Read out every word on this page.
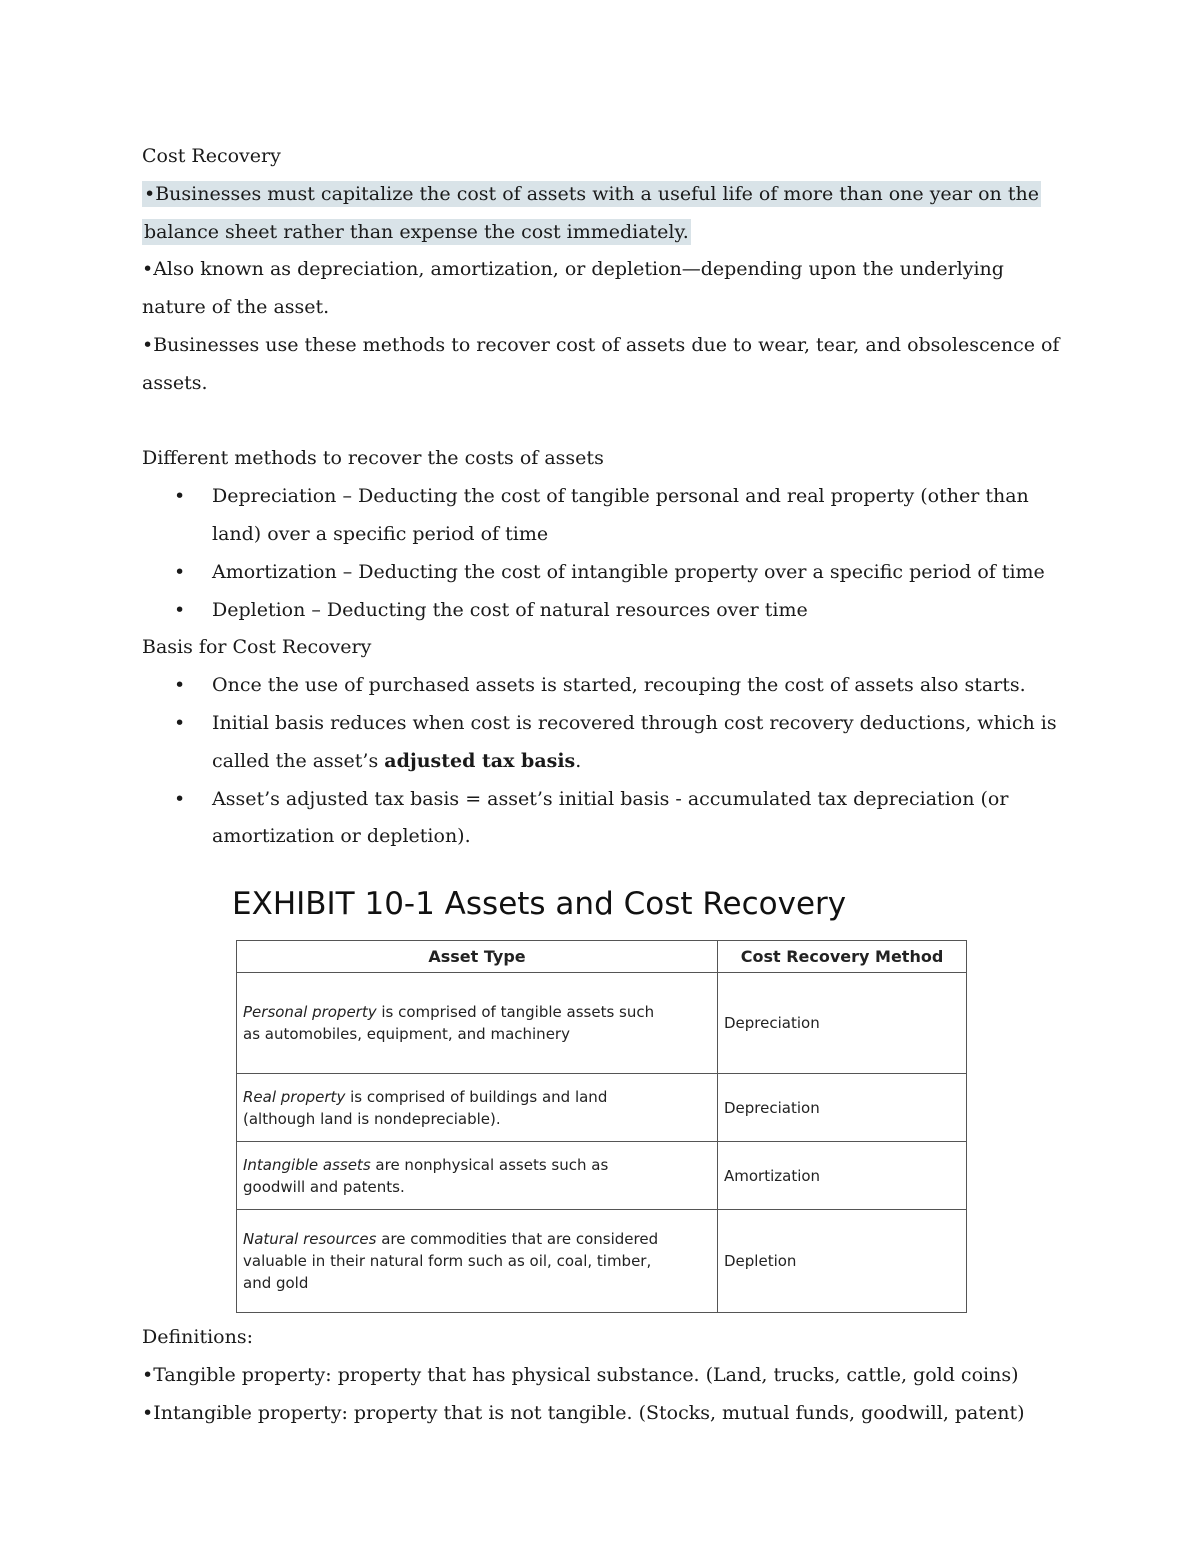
Cost Recovery
•Businesses must capitalize the cost of assets with a useful life of more than one year on the
balance sheet rather than expense the cost immediately.
•Also known as depreciation, amortization, or depletion—depending upon the underlying
nature of the asset.
•Businesses use these methods to recover cost of assets due to wear, tear, and obsolescence of
assets.
Different methods to recover the costs of assets
• Depreciation – Deducting the cost of tangible personal and real property (other than
land) over a specific period of time
• Amortization – Deducting the cost of intangible property over a specific period of time
• Depletion – Deducting the cost of natural resources over time
Basis for Cost Recovery
• Once the use of purchased assets is started, recouping the cost of assets also starts.
• Initial basis reduces when cost is recovered through cost recovery deductions, which is
called the asset’s adjusted tax basis.
• Asset’s adjusted tax basis = asset’s initial basis - accumulated tax depreciation (or
amortization or depletion).
EXHIBIT 10-1 Assets and Cost Recovery
Asset Type	Cost Recovery Method
Personal property is comprised of tangible assets such
as automobiles, equipment, and machinery	Depreciation
Real property is comprised of buildings and land
(although land is nondepreciable).	Depreciation
Intangible assets are nonphysical assets such as
goodwill and patents.	Amortization
Natural resources are commodities that are considered
valuable in their natural form such as oil, coal, timber,
and gold	Depletion
Definitions:
•Tangible property: property that has physical substance. (Land, trucks, cattle, gold coins)
•Intangible property: property that is not tangible. (Stocks, mutual funds, goodwill, patent)
